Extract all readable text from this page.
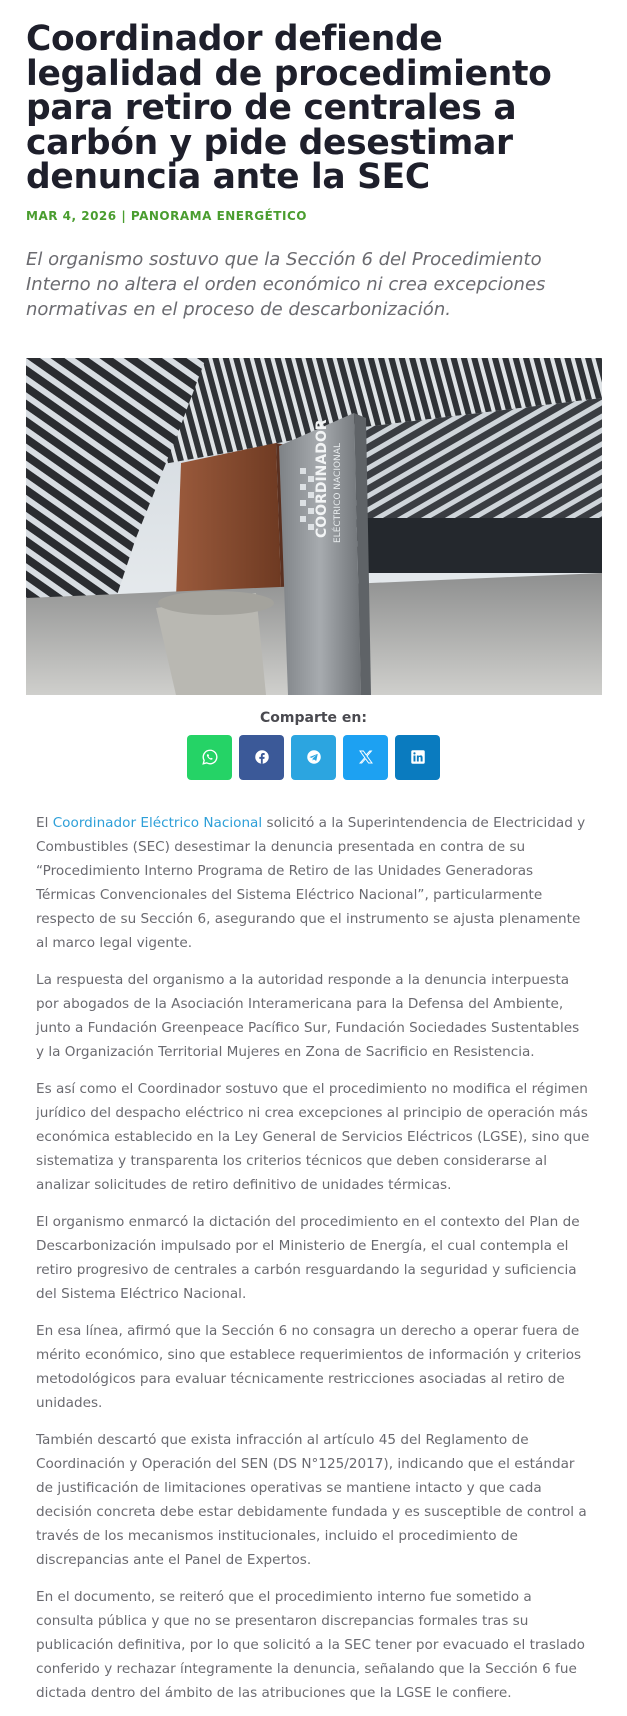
Coordinador defiende legalidad de procedimiento para retiro de centrales a carbón y pide desestimar denuncia ante la SEC
MAR 4, 2026 | PANORAMA ENERGÉTICO

El organismo sostuvo que la Sección 6 del Procedimiento Interno no altera el orden económico ni crea excepciones normativas en el proceso de descarbonización.

COORDINADOR ELÉCTRICO NACIONAL
Comparte en:

El Coordinador Eléctrico Nacional solicitó a la Superintendencia de Electricidad y Combustibles (SEC) desestimar la denuncia presentada en contra de su “Procedimiento Interno Programa de Retiro de las Unidades Generadoras Térmicas Convencionales del Sistema Eléctrico Nacional”, particularmente respecto de su Sección 6, asegurando que el instrumento se ajusta plenamente al marco legal vigente.

La respuesta del organismo a la autoridad responde a la denuncia interpuesta por abogados de la Asociación Interamericana para la Defensa del Ambiente, junto a Fundación Greenpeace Pacífico Sur, Fundación Sociedades Sustentables y la Organización Territorial Mujeres en Zona de Sacrificio en Resistencia.

Es así como el Coordinador sostuvo que el procedimiento no modifica el régimen jurídico del despacho eléctrico ni crea excepciones al principio de operación más económica establecido en la Ley General de Servicios Eléctricos (LGSE), sino que sistematiza y transparenta los criterios técnicos que deben considerarse al analizar solicitudes de retiro definitivo de unidades térmicas.

El organismo enmarcó la dictación del procedimiento en el contexto del Plan de Descarbonización impulsado por el Ministerio de Energía, el cual contempla el retiro progresivo de centrales a carbón resguardando la seguridad y suficiencia del Sistema Eléctrico Nacional.

En esa línea, afirmó que la Sección 6 no consagra un derecho a operar fuera de mérito económico, sino que establece requerimientos de información y criterios metodológicos para evaluar técnicamente restricciones asociadas al retiro de unidades.

También descartó que exista infracción al artículo 45 del Reglamento de Coordinación y Operación del SEN (DS N°125/2017), indicando que el estándar de justificación de limitaciones operativas se mantiene intacto y que cada decisión concreta debe estar debidamente fundada y es susceptible de control a través de los mecanismos institucionales, incluido el procedimiento de discrepancias ante el Panel de Expertos.

En el documento, se reiteró que el procedimiento interno fue sometido a consulta pública y que no se presentaron discrepancias formales tras su publicación definitiva, por lo que solicitó a la SEC tener por evacuado el traslado conferido y rechazar íntegramente la denuncia, señalando que la Sección 6 fue dictada dentro del ámbito de las atribuciones que la LGSE le confiere.
